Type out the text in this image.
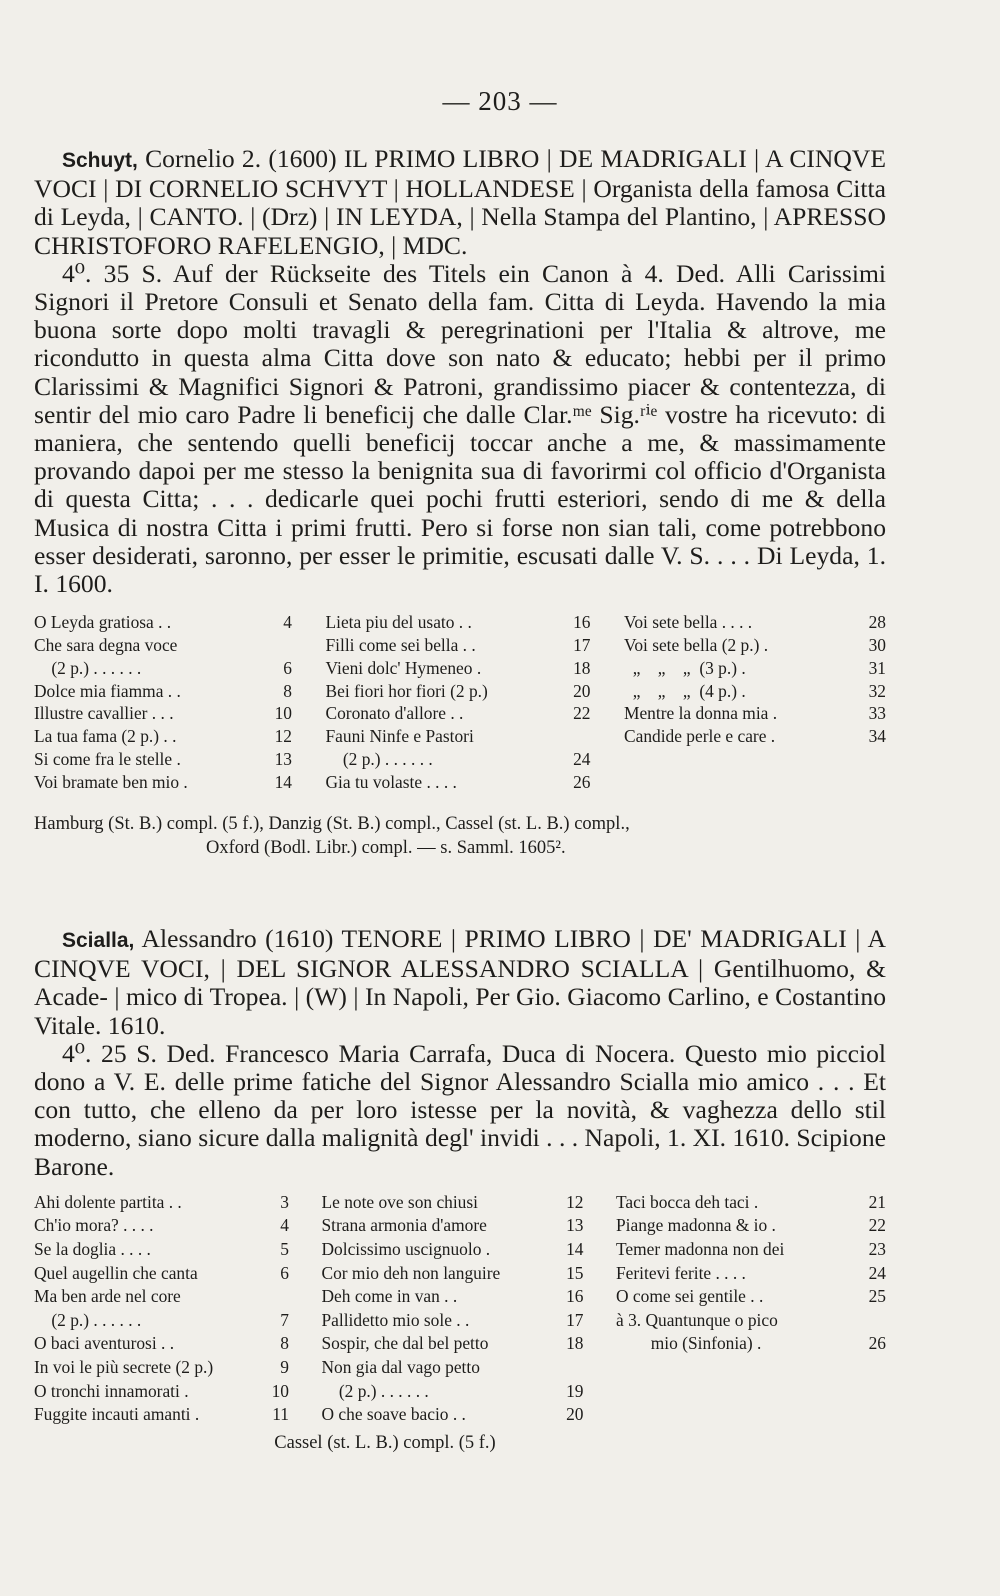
— 203 —

Schuyt, Cornelio 2. (1600) IL PRIMO LIBRO | DE MADRIGALI | A CINQVE VOCI | DI CORNELIO SCHVYT | HOLLANDESE | Organista della famosa Citta di Leyda, | CANTO. | (Drz) | IN LEYDA, | Nella Stampa del Plantino, | APRESSO CHRISTOFORO RAFELENGIO, | MDC.

4⁰. 35 S. Auf der Rückseite des Titels ein Canon à 4. Ded. Alli Carissimi Signori il Pretore Consuli et Senato della fam. Citta di Leyda. Havendo la mia buona sorte dopo molti travagli & peregrinationi per l'Italia & altrove, me ricondutto in questa alma Citta dove son nato & educato; hebbi per il primo Clarissimi & Magnifici Signori & Patroni, grandissimo piacer & contentezza, di sentir del mio caro Padre li beneficij che dalle Clar.ᵐᵉ Sig.ʳⁱᵉ vostre ha ricevuto: di maniera, che sentendo quelli beneficij toccar anche a me, & massimamente provando dapoi per me stesso la benignita sua di favorirmi col officio d'Organista di questa Citta; . . . dedicarle quei pochi frutti esteriori, sendo di me & della Musica di nostra Citta i primi frutti. Pero si forse non sian tali, come potrebbono esser desiderati, saronno, per esser le primitie, escusati dalle V. S. . . . Di Leyda, 1. I. 1600.

O Leyda gratiosa . .	4
Che sara degna voce
(2 p.) . . . . . .	6
Dolce mia fiamma . .	8
Illustre cavallier . . .	10
La tua fama (2 p.) . .	12
Si come fra le stelle .	13
Voi bramate ben mio .	14
Lieta piu del usato . .	16
Filli come sei bella . .	17
Vieni dolc' Hymeneo .	18
Bei fiori hor fiori (2 p.)	20
Coronato d'allore . .	22
Fauni Ninfe e Pastori
(2 p.) . . . . . .	24
Gia tu volaste . . . .	26
Voi sete bella . . . .	28
Voi sete bella (2 p.) .	30
„    „    „  (3 p.) .	31
„    „    „  (4 p.) .	32
Mentre la donna mia .	33
Candide perle e care .	34

Hamburg (St. B.) compl. (5 f.), Danzig (St. B.) compl., Cassel (st. L. B.) compl.,
Oxford (Bodl. Libr.) compl. — s. Samml. 1605².

Scialla, Alessandro (1610) TENORE | PRIMO LIBRO | DE' MADRIGALI | A CINQVE VOCI, | DEL SIGNOR ALESSANDRO SCIALLA | Gentilhuomo, & Acade- | mico di Tropea. | (W) | In Napoli, Per Gio. Giacomo Carlino, e Costantino Vitale. 1610.

4⁰. 25 S. Ded. Francesco Maria Carrafa, Duca di Nocera. Questo mio picciol dono a V. E. delle prime fatiche del Signor Alessandro Scialla mio amico . . . Et con tutto, che elleno da per loro istesse per la novità, & vaghezza dello stil moderno, siano sicure dalla malignità degl' invidi . . . Napoli, 1. XI. 1610. Scipione Barone.

Ahi dolente partita . .	3
Ch'io mora? . . . .	4
Se la doglia . . . .	5
Quel augellin che canta	6
Ma ben arde nel core
(2 p.) . . . . . .	7
O baci aventurosi . .	8
In voi le più secrete (2 p.)	9
O tronchi innamorati .	10
Fuggite incauti amanti .	11
Le note ove son chiusi	12
Strana armonia d'amore	13
Dolcissimo uscignuolo .	14
Cor mio deh non languire	15
Deh come in van . .	16
Pallidetto mio sole . .	17
Sospir, che dal bel petto	18
Non gia dal vago petto
(2 p.) . . . . . .	19
O che soave bacio . .	20
Taci bocca deh taci .	21
Piange madonna & io .	22
Temer madonna non dei	23
Feritevi ferite . . . .	24
O come sei gentile . .	25
à 3. Quantunque o pico
mio (Sinfonia) .	26

Cassel (st. L. B.) compl. (5 f.)
